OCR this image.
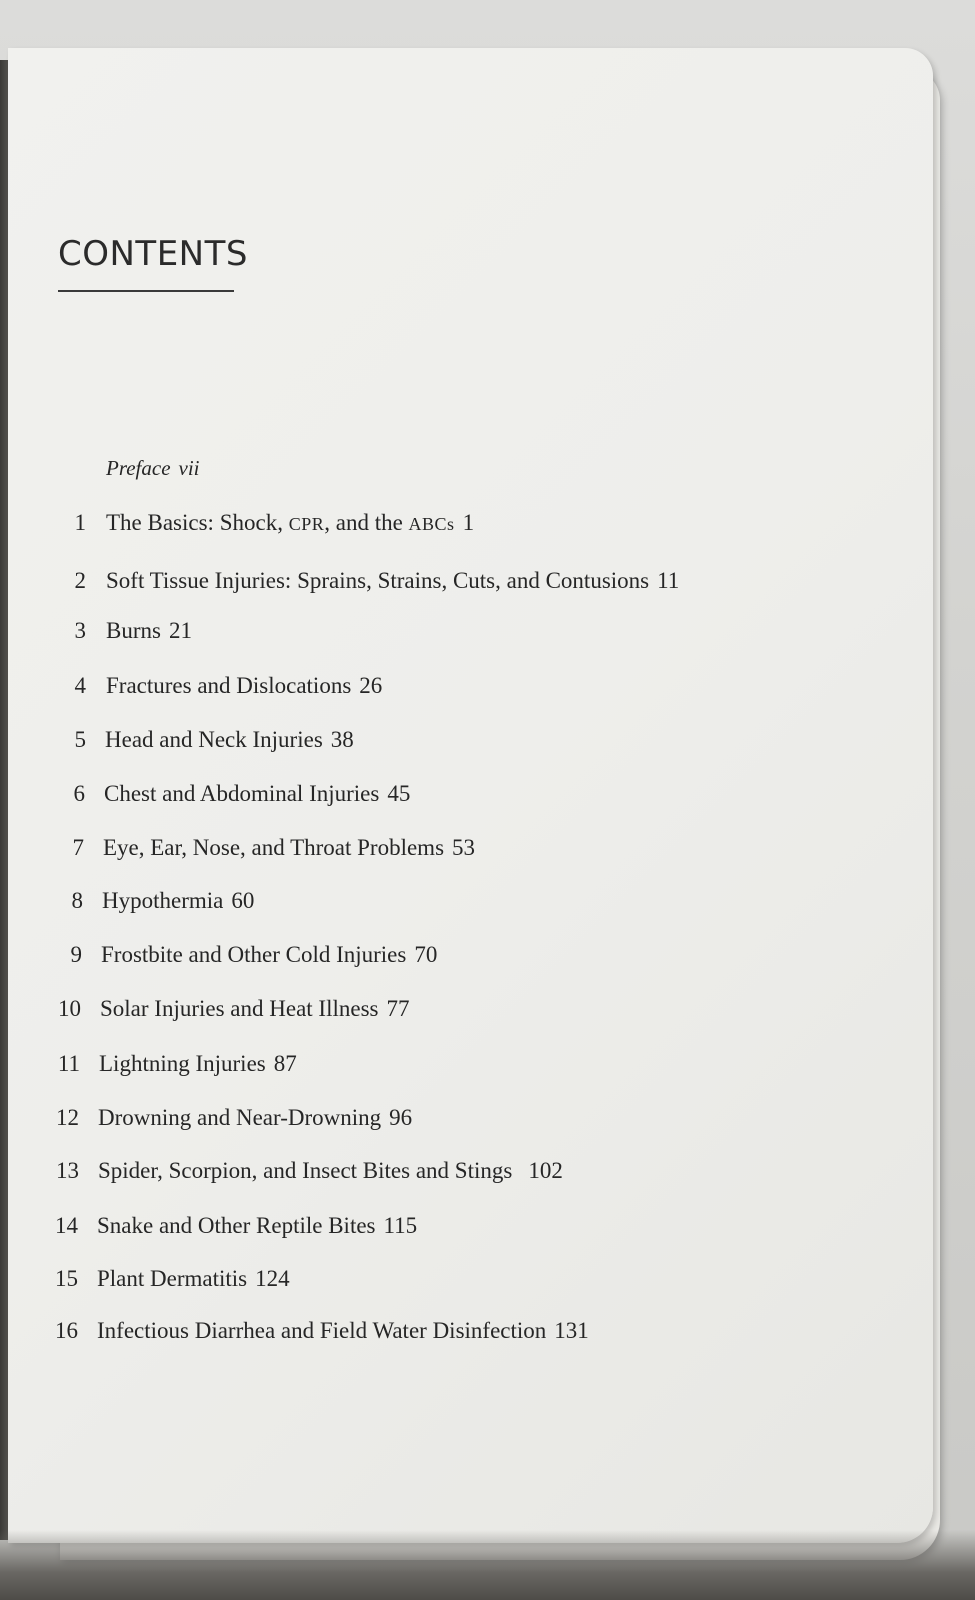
CONTENTS
Preface vii
1 The Basics: Shock, CPR, and the ABCs 1
2 Soft Tissue Injuries: Sprains, Strains, Cuts, and Contusions 11
3 Burns 21
4 Fractures and Dislocations 26
5 Head and Neck Injuries 38
6 Chest and Abdominal Injuries 45
7 Eye, Ear, Nose, and Throat Problems 53
8 Hypothermia 60
9 Frostbite and Other Cold Injuries 70
10 Solar Injuries and Heat Illness 77
11 Lightning Injuries 87
12 Drowning and Near-Drowning 96
13 Spider, Scorpion, and Insect Bites and Stings 102
14 Snake and Other Reptile Bites 115
15 Plant Dermatitis 124
16 Infectious Diarrhea and Field Water Disinfection 131
